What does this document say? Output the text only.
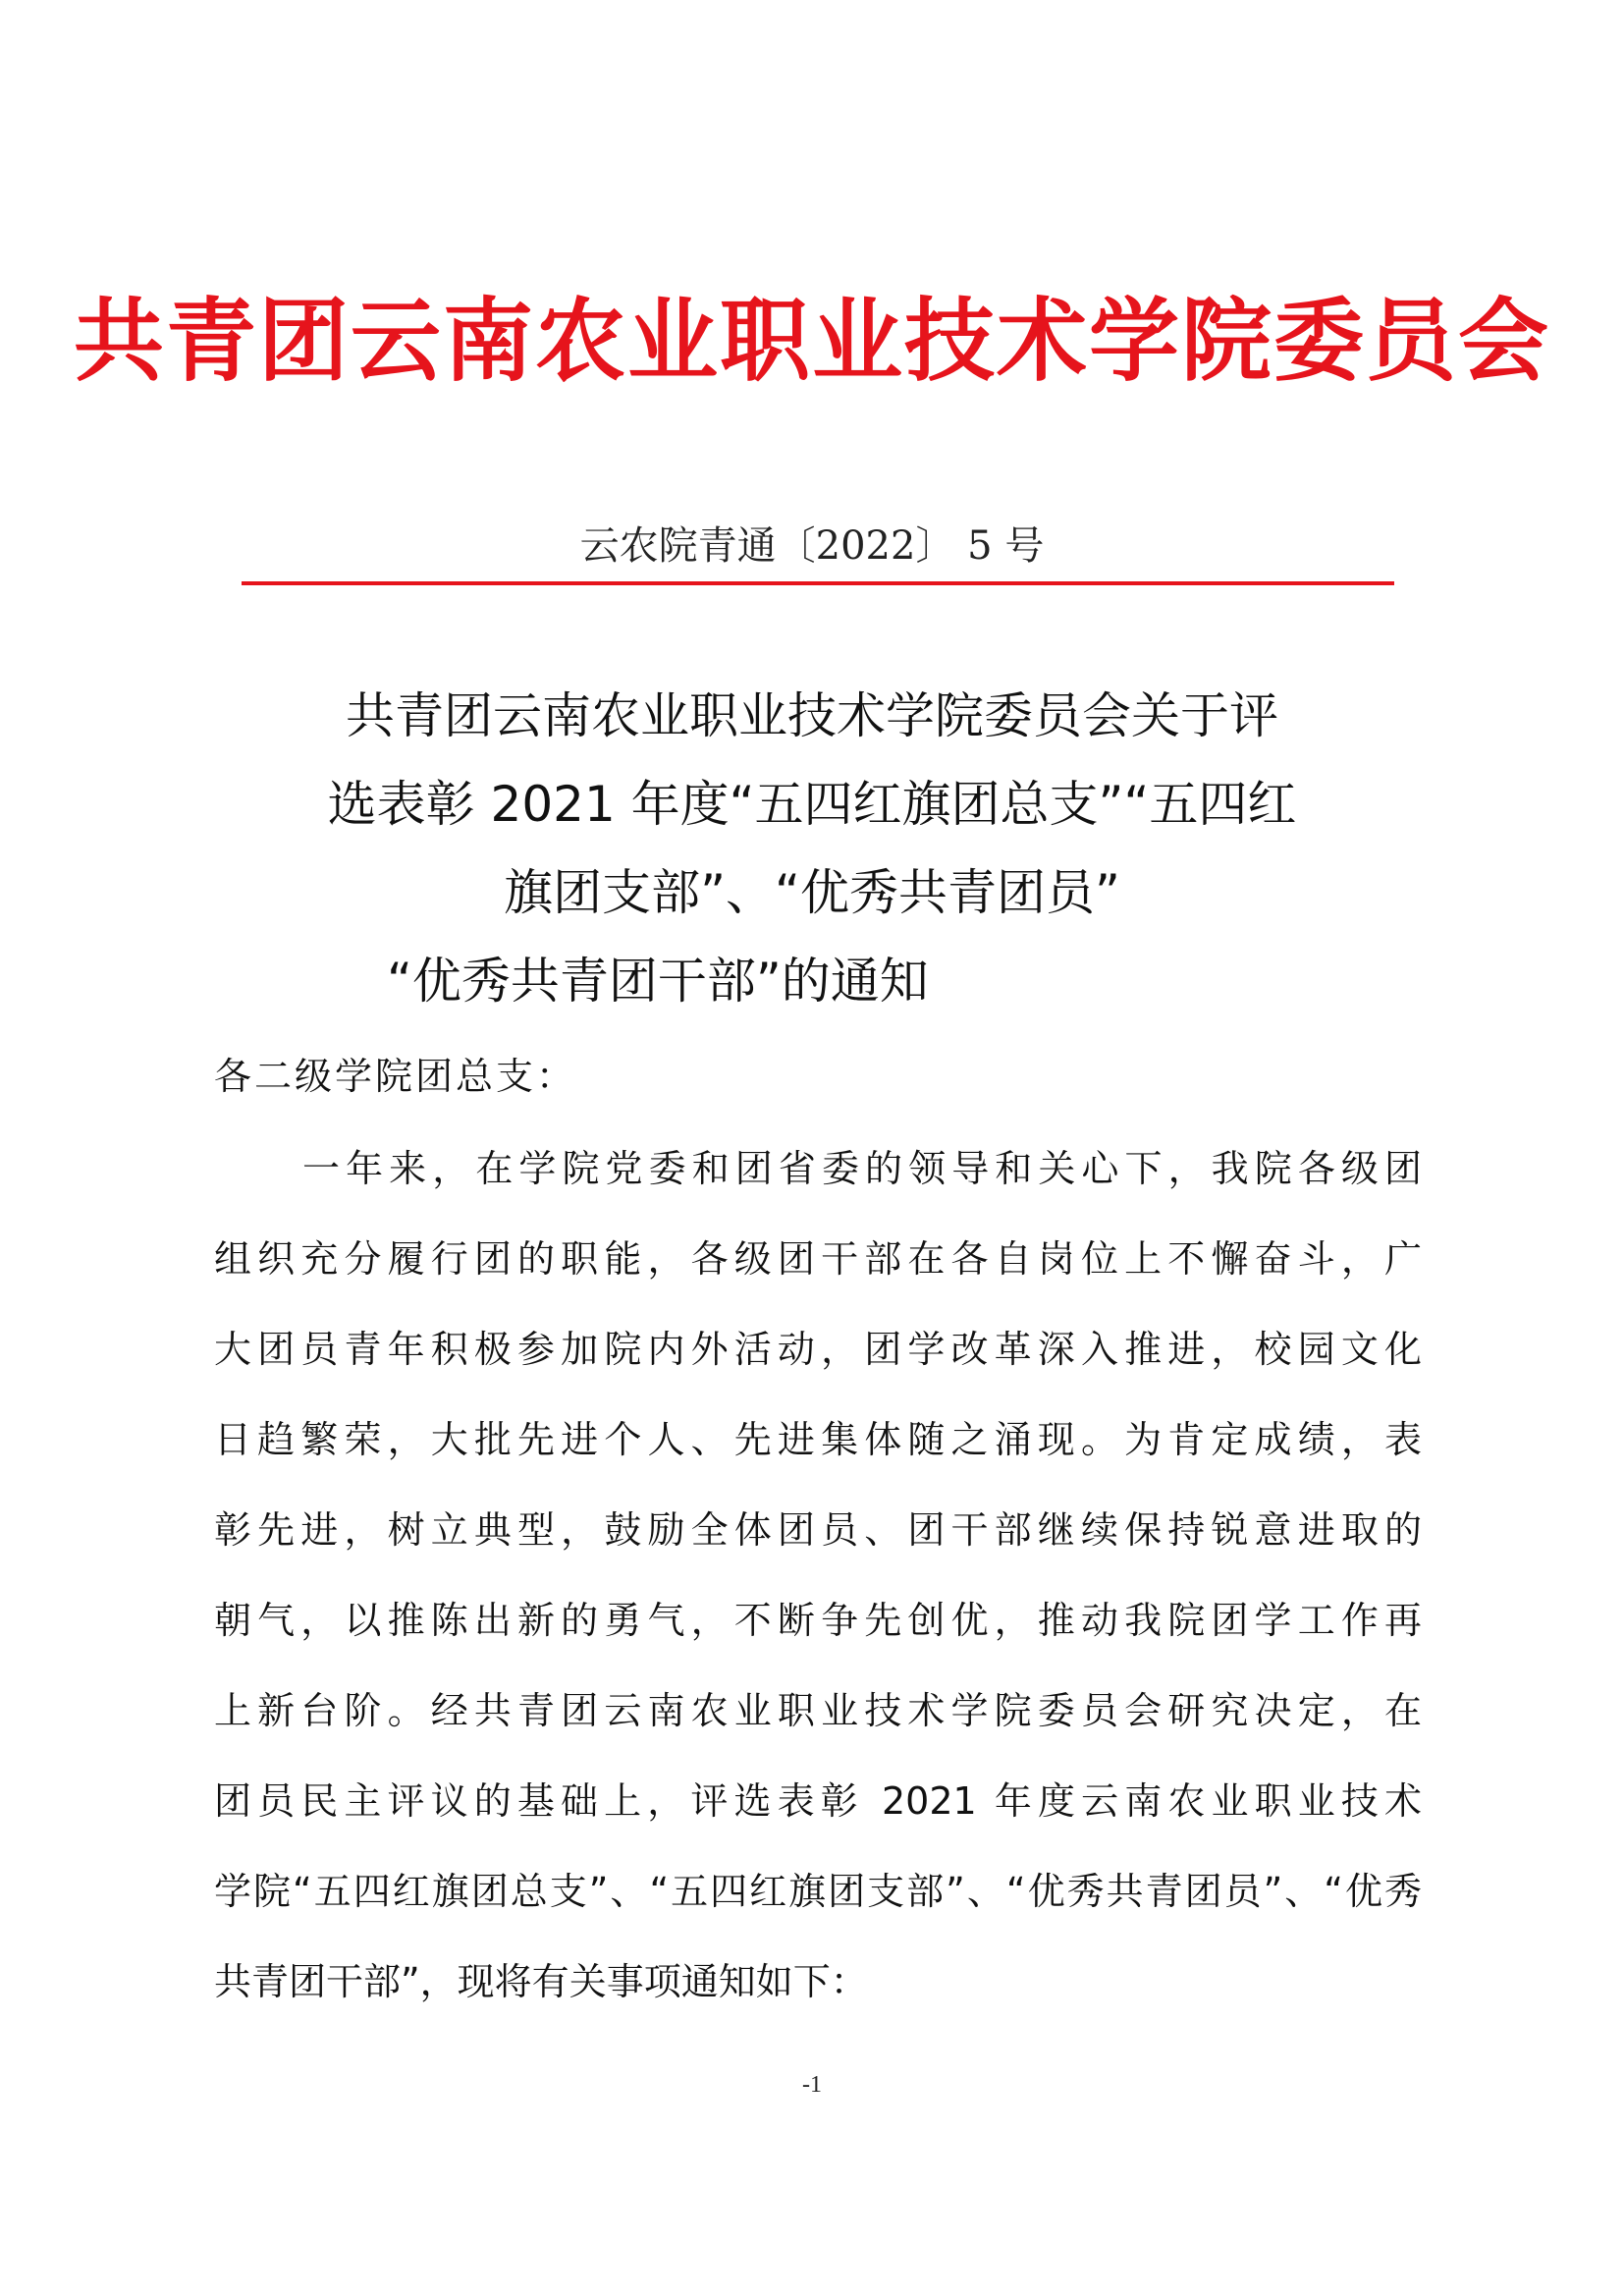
共青团云南农业职业技术学院委员会
云农院青通〔2022〕 5 号
共青团云南农业职业技术学院委员会关于评
选表彰 2021 年度“五四红旗团总支”“五四红
旗团支部”、“优秀共青团员”
“优秀共青团干部”的通知
各二级学院团总支：
一年来，在学院党委和团省委的领导和关心下，我院各级团
组织充分履行团的职能，各级团干部在各自岗位上不懈奋斗，广
大团员青年积极参加院内外活动，团学改革深入推进，校园文化
日趋繁荣，大批先进个人、先进集体随之涌现。为肯定成绩，表
彰先进，树立典型，鼓励全体团员、团干部继续保持锐意进取的
朝气，以推陈出新的勇气，不断争先创优，推动我院团学工作再
上新台阶。经共青团云南农业职业技术学院委员会研究决定，在
团员民主评议的基础上，评选表彰 2021 年度云南农业职业技术
学院“五四红旗团总支”、“五四红旗团支部”、“优秀共青团员”、“优秀
共青团干部”，现将有关事项通知如下：
-1
